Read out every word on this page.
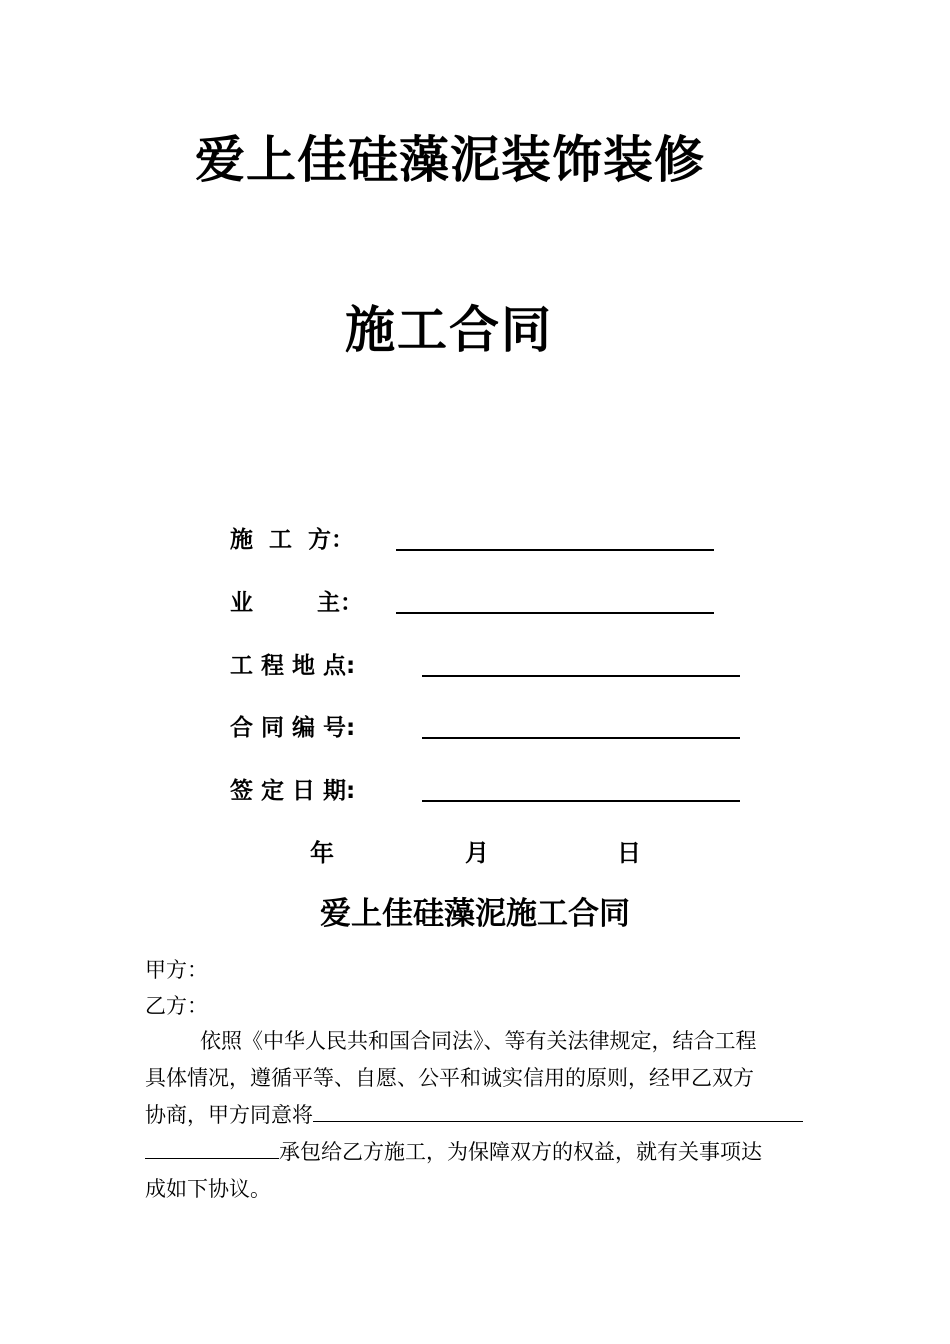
爱上佳硅藻泥装饰装修
施工合同
施  工  方：
业        主：
工 程 地 点:
合 同 编 号:
签 定 日 期:
年	月	日
爱上佳硅藻泥施工合同
甲方：
乙方：
依照《中华人民共和国合同法》、等有关法律规定，结合工程
具体情况，遵循平等、自愿、公平和诚实信用的原则，经甲乙双方
协商，甲方同意将
承包给乙方施工，为保障双方的权益，就有关事项达
成如下协议。
